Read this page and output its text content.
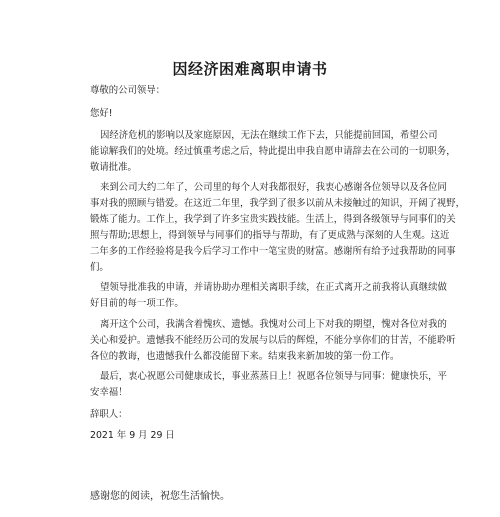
因经济困难离职申请书
尊敬的公司领导：
您好!
因经济危机的影响以及家庭原因，无法在继续工作下去，只能提前回国，希望公司
能谅解我们的处境。经过慎重考虑之后，特此提出申我自愿申请辞去在公司的一切职务，
敬请批准。
来到公司大约二年了，公司里的每个人对我都很好，我衷心感谢各位领导以及各位同
事对我的照顾与错爱。在这近二年里，我学到了很多以前从未接触过的知识，开阔了视野，
锻炼了能力。工作上，我学到了许多宝贵实践技能。生活上，得到各级领导与同事们的关
照与帮助;思想上，得到领导与同事们的指导与帮助，有了更成熟与深刻的人生观。这近
二年多的工作经验将是我今后学习工作中一笔宝贵的财富。感谢所有给予过我帮助的同事
们。
望领导批准我的申请，并请协助办理相关离职手续，在正式离开之前我将认真继续做
好目前的每一项工作。
离开这个公司，我满含着愧疚、遗憾。我愧对公司上下对我的期望，愧对各位对我的
关心和爱护。遗憾我不能经历公司的发展与以后的辉煌，不能分享你们的甘苦，不能聆听
各位的教诲，也遗憾我什么都没能留下来。结束我来新加坡的第一份工作。
最后，衷心祝愿公司健康成长，事业蒸蒸日上！祝愿各位领导与同事：健康快乐，平
安幸福！
辞职人：
2021 年 9 月 29 日
感谢您的阅读，祝您生活愉快。
